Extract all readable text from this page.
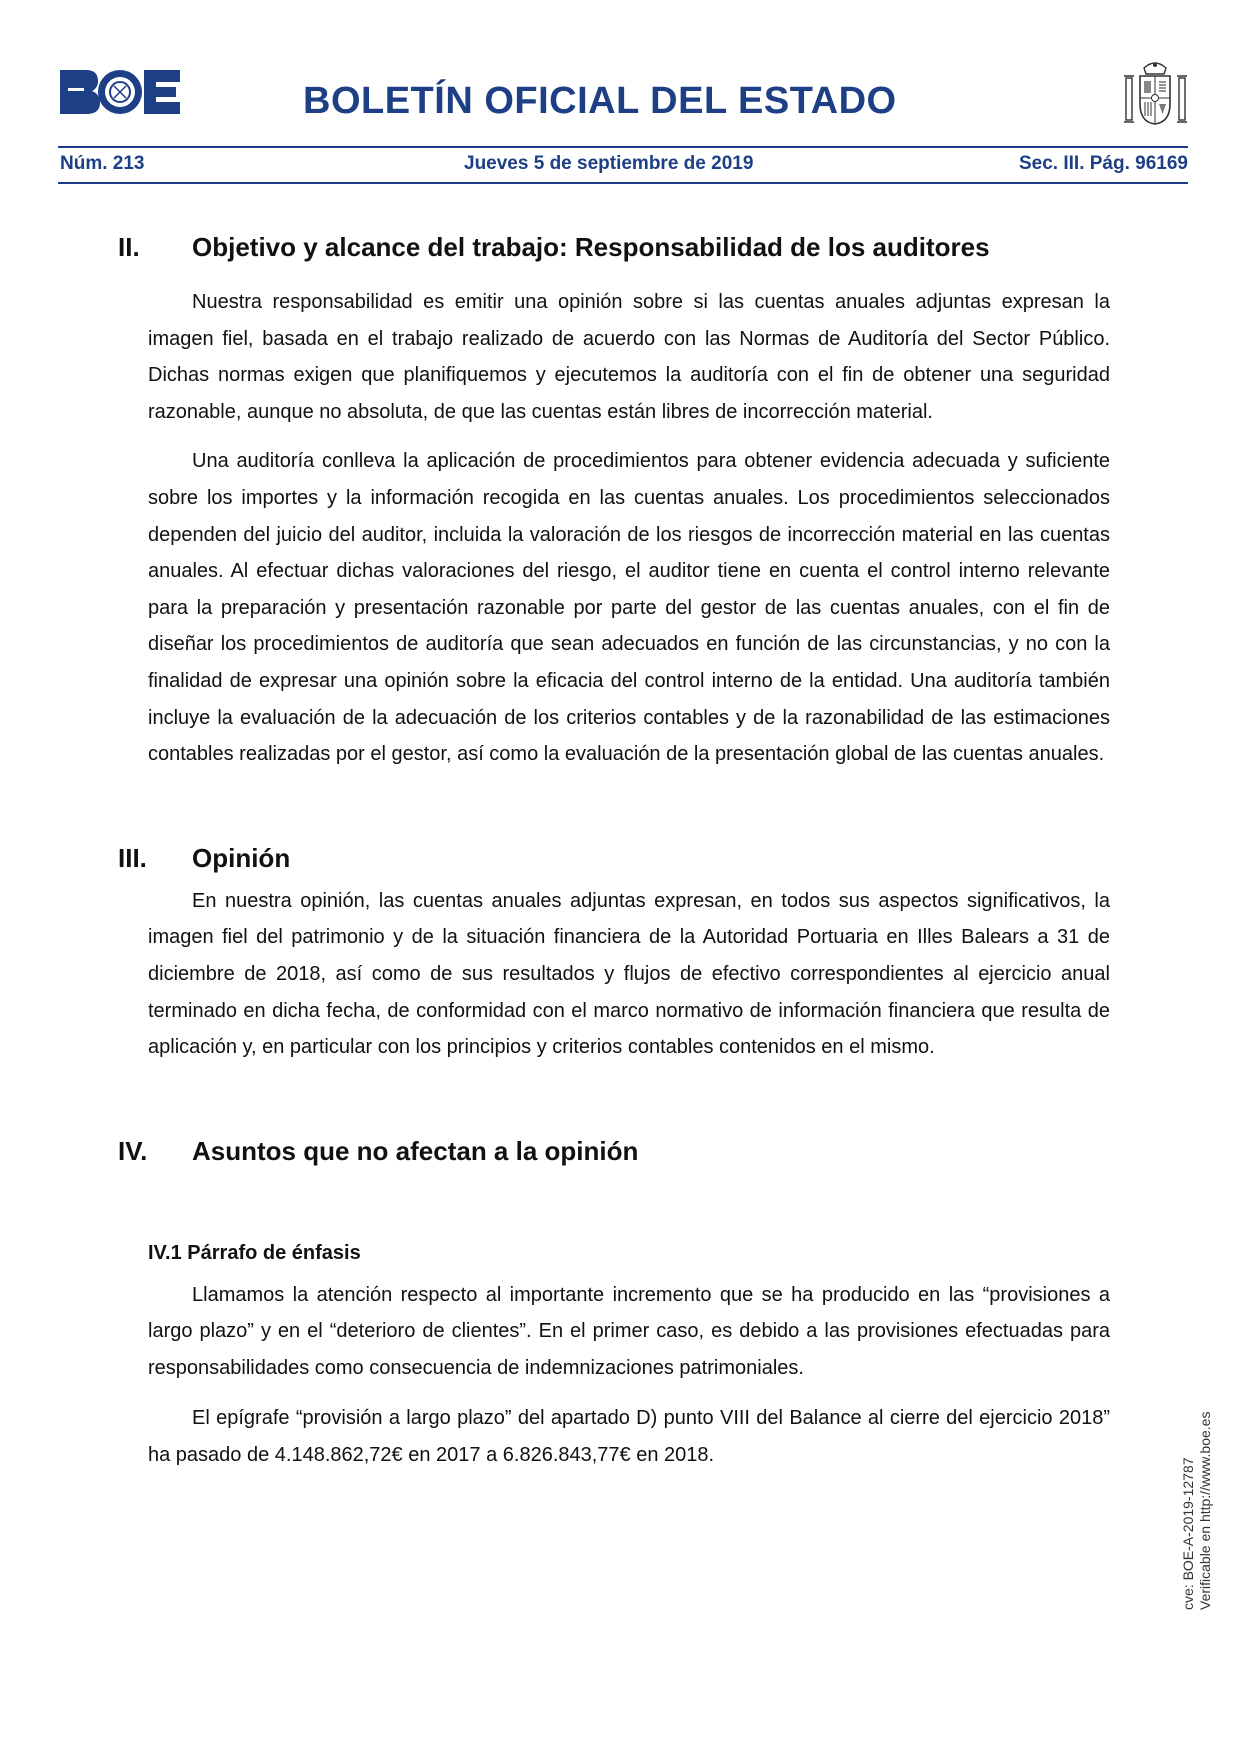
BOLETÍN OFICIAL DEL ESTADO
Núm. 213	Jueves 5 de septiembre de 2019	Sec. III. Pág. 96169
II. Objetivo y alcance del trabajo: Responsabilidad de los auditores

Nuestra responsabilidad es emitir una opinión sobre si las cuentas anuales adjuntas expresan la imagen fiel, basada en el trabajo realizado de acuerdo con las Normas de Auditoría del Sector Público. Dichas normas exigen que planifiquemos y ejecutemos la auditoría con el fin de obtener una seguridad razonable, aunque no absoluta, de que las cuentas están libres de incorrección material.

Una auditoría conlleva la aplicación de procedimientos para obtener evidencia adecuada y suficiente sobre los importes y la información recogida en las cuentas anuales. Los procedimientos seleccionados dependen del juicio del auditor, incluida la valoración de los riesgos de incorrección material en las cuentas anuales. Al efectuar dichas valoraciones del riesgo, el auditor tiene en cuenta el control interno relevante para la preparación y presentación razonable por parte del gestor de las cuentas anuales, con el fin de diseñar los procedimientos de auditoría que sean adecuados en función de las circunstancias, y no con la finalidad de expresar una opinión sobre la eficacia del control interno de la entidad. Una auditoría también incluye la evaluación de la adecuación de los criterios contables y de la razonabilidad de las estimaciones contables realizadas por el gestor, así como la evaluación de la presentación global de las cuentas anuales.

III. Opinión

En nuestra opinión, las cuentas anuales adjuntas expresan, en todos sus aspectos significativos, la imagen fiel del patrimonio y de la situación financiera de la Autoridad Portuaria en Illes Balears a 31 de diciembre de 2018, así como de sus resultados y flujos de efectivo correspondientes al ejercicio anual terminado en dicha fecha, de conformidad con el marco normativo de información financiera que resulta de aplicación y, en particular con los principios y criterios contables contenidos en el mismo.

IV. Asuntos que no afectan a la opinión
IV.1 Párrafo de énfasis

Llamamos la atención respecto al importante incremento que se ha producido en las “provisiones a largo plazo” y en el “deterioro de clientes”. En el primer caso, es debido a las provisiones efectuadas para responsabilidades como consecuencia de indemnizaciones patrimoniales.

El epígrafe “provisión a largo plazo” del apartado D) punto VIII del Balance al cierre del ejercicio 2018” ha pasado de 4.148.862,72€ en 2017 a 6.826.843,77€ en 2018.

cve: BOE-A-2019-12787 Verificable en http://www.boe.es
